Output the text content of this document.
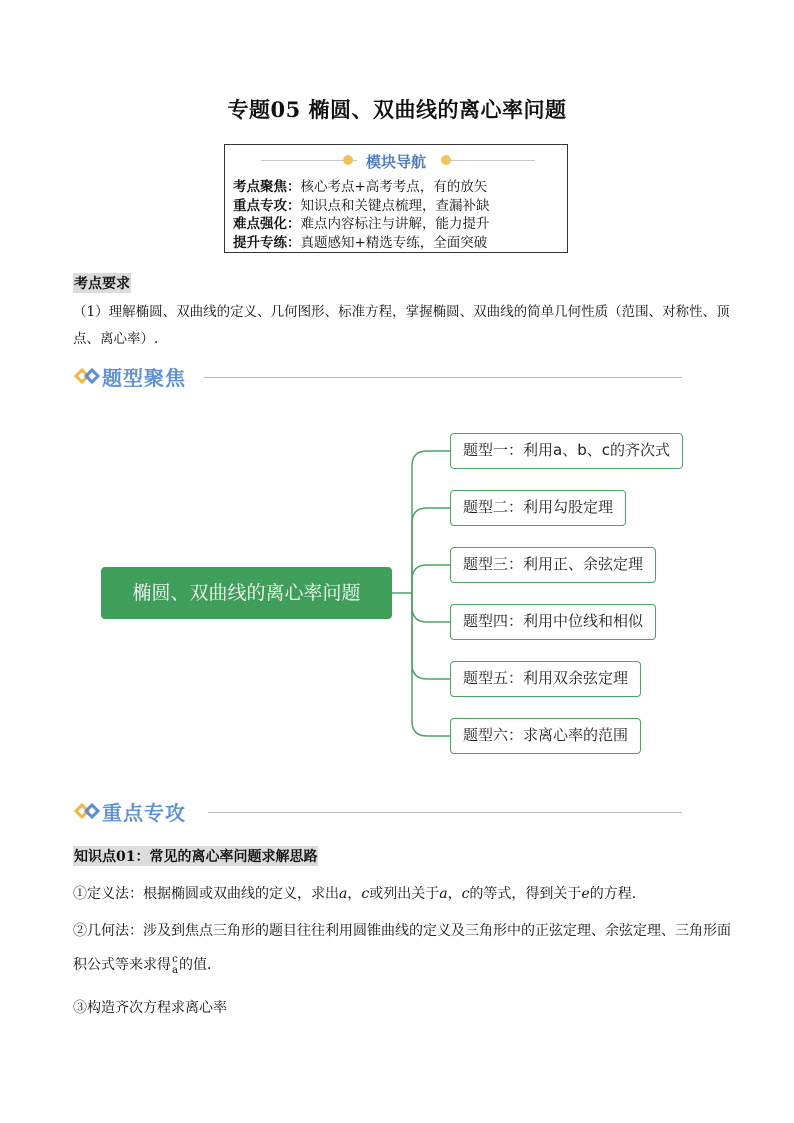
专题05 椭圆、双曲线的离心率问题
模块导航
考点聚焦：核心考点+高考考点，有的放矢
重点专攻：知识点和关键点梳理，查漏补缺
难点强化：难点内容标注与讲解，能力提升
提升专练：真题感知+精选专练，全面突破
考点要求
（1）理解椭圆、双曲线的定义、几何图形、标准方程，掌握椭圆、双曲线的简单几何性质（范围、对称性、顶点、离心率）.
题型聚焦
椭圆、双曲线的离心率问题
题型一：利用a、b、c的齐次式
题型二：利用勾股定理
题型三：利用正、余弦定理
题型四：利用中位线和相似
题型五：利用双余弦定理
题型六：求离心率的范围
重点专攻
知识点01：常见的离心率问题求解思路
①定义法：根据椭圆或双曲线的定义，求出a，c或列出关于a，c的等式，得到关于e的方程．
②几何法：涉及到焦点三角形的题目往往利用圆锥曲线的定义及三角形中的正弦定理、余弦定理、三角形面积公式等来求得 c
a 的值．
③构造齐次方程求离心率
